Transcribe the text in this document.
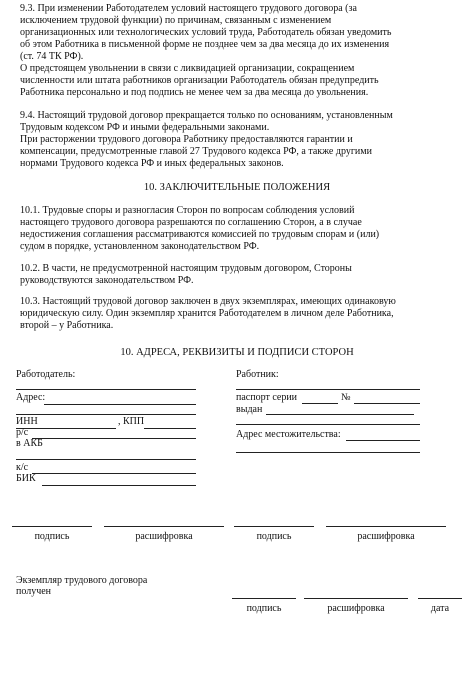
9.3. При изменении Работодателем условий настоящего трудового договора (за
исключением трудовой функции) по причинам, связанным с изменением
организационных или технологических условий труда, Работодатель обязан уведомить
об этом Работника в письменной форме не позднее чем за два месяца до их изменения
(ст. 74 ТК РФ).
О предстоящем увольнении в связи с ликвидацией организации, сокращением
численности или штата работников организации Работодатель обязан предупредить
Работника персонально и под подпись не менее чем за два месяца до увольнения.
9.4. Настоящий трудовой договор прекращается только по основаниям, установленным
Трудовым кодексом РФ и иными федеральными законами.
При расторжении трудового договора Работнику предоставляются гарантии и
компенсации, предусмотренные главой 27 Трудового кодекса РФ, а также другими
нормами Трудового кодекса РФ и иных федеральных законов.
10. ЗАКЛЮЧИТЕЛЬНЫЕ ПОЛОЖЕНИЯ
10.1. Трудовые споры и разногласия Сторон по вопросам соблюдения условий
настоящего трудового договора разрешаются по соглашению Сторон, а в случае
недостижения соглашения рассматриваются комиссией по трудовым спорам и (или)
судом в порядке, установленном законодательством РФ.
10.2. В части, не предусмотренной настоящим трудовым договором, Стороны
руководствуются законодательством РФ.
10.3. Настоящий трудовой договор заключен в двух экземплярах, имеющих одинаковую
юридическую силу. Один экземпляр хранится Работодателем в личном деле Работника,
второй – у Работника.
10. АДРЕСА, РЕКВИЗИТЫ И ПОДПИСИ СТОРОН
Работодатель:
Адрес:
ИНН	, КПП
р/с
в АКБ
к/с
БИК
Работник:
паспорт серии	№
выдан
Адрес местожительства:
подпись	расшифровка	подпись	расшифровка
Экземпляр трудового договора
получен
подпись	расшифровка	дата
